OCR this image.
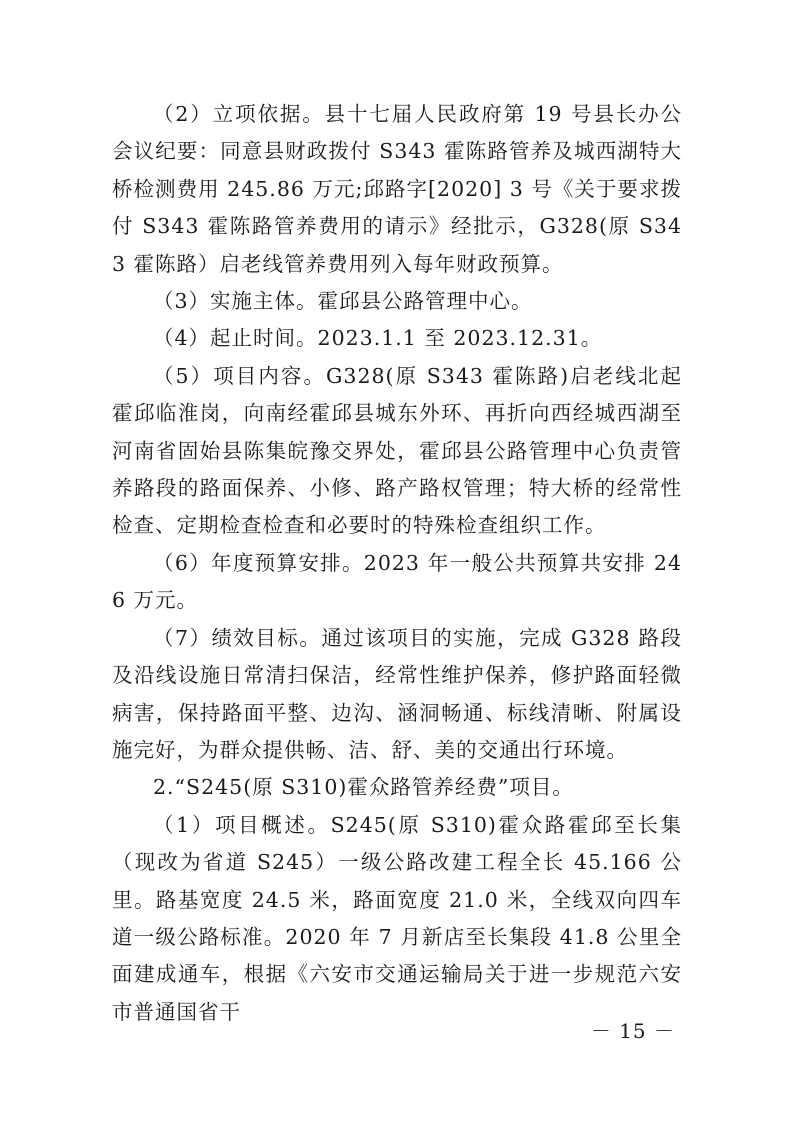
（2）立项依据。县十七届人民政府第 19 号县长办公会议纪要：同意县财政拨付 S343 霍陈路管养及城西湖特大桥检测费用 245.86 万元;邱路字[2020] 3 号《关于要求拨付 S343 霍陈路管养费用的请示》经批示，G328(原 S343 霍陈路）启老线管养费用列入每年财政预算。

（3）实施主体。霍邱县公路管理中心。

（4）起止时间。2023.1.1 至 2023.12.31。

（5）项目内容。G328(原 S343 霍陈路)启老线北起霍邱临淮岗，向南经霍邱县城东外环、再折向西经城西湖至河南省固始县陈集皖豫交界处，霍邱县公路管理中心负责管养路段的路面保养、小修、路产路权管理；特大桥的经常性检查、定期检查检查和必要时的特殊检查组织工作。

（6）年度预算安排。2023 年一般公共预算共安排 246 万元。

（7）绩效目标。通过该项目的实施，完成 G328 路段及沿线设施日常清扫保洁，经常性维护保养，修护路面轻微病害，保持路面平整、边沟、涵洞畅通、标线清晰、附属设施完好，为群众提供畅、洁、舒、美的交通出行环境。

2.“S245(原 S310)霍众路管养经费”项目。

（1）项目概述。S245(原 S310)霍众路霍邱至长集（现改为省道 S245）一级公路改建工程全长 45.166 公里。路基宽度 24.5 米，路面宽度 21.0 米，全线双向四车道一级公路标准。2020 年 7 月新店至长集段 41.8 公里全面建成通车，根据《六安市交通运输局关于进一步规范六安市普通国省干

－ 15 －
